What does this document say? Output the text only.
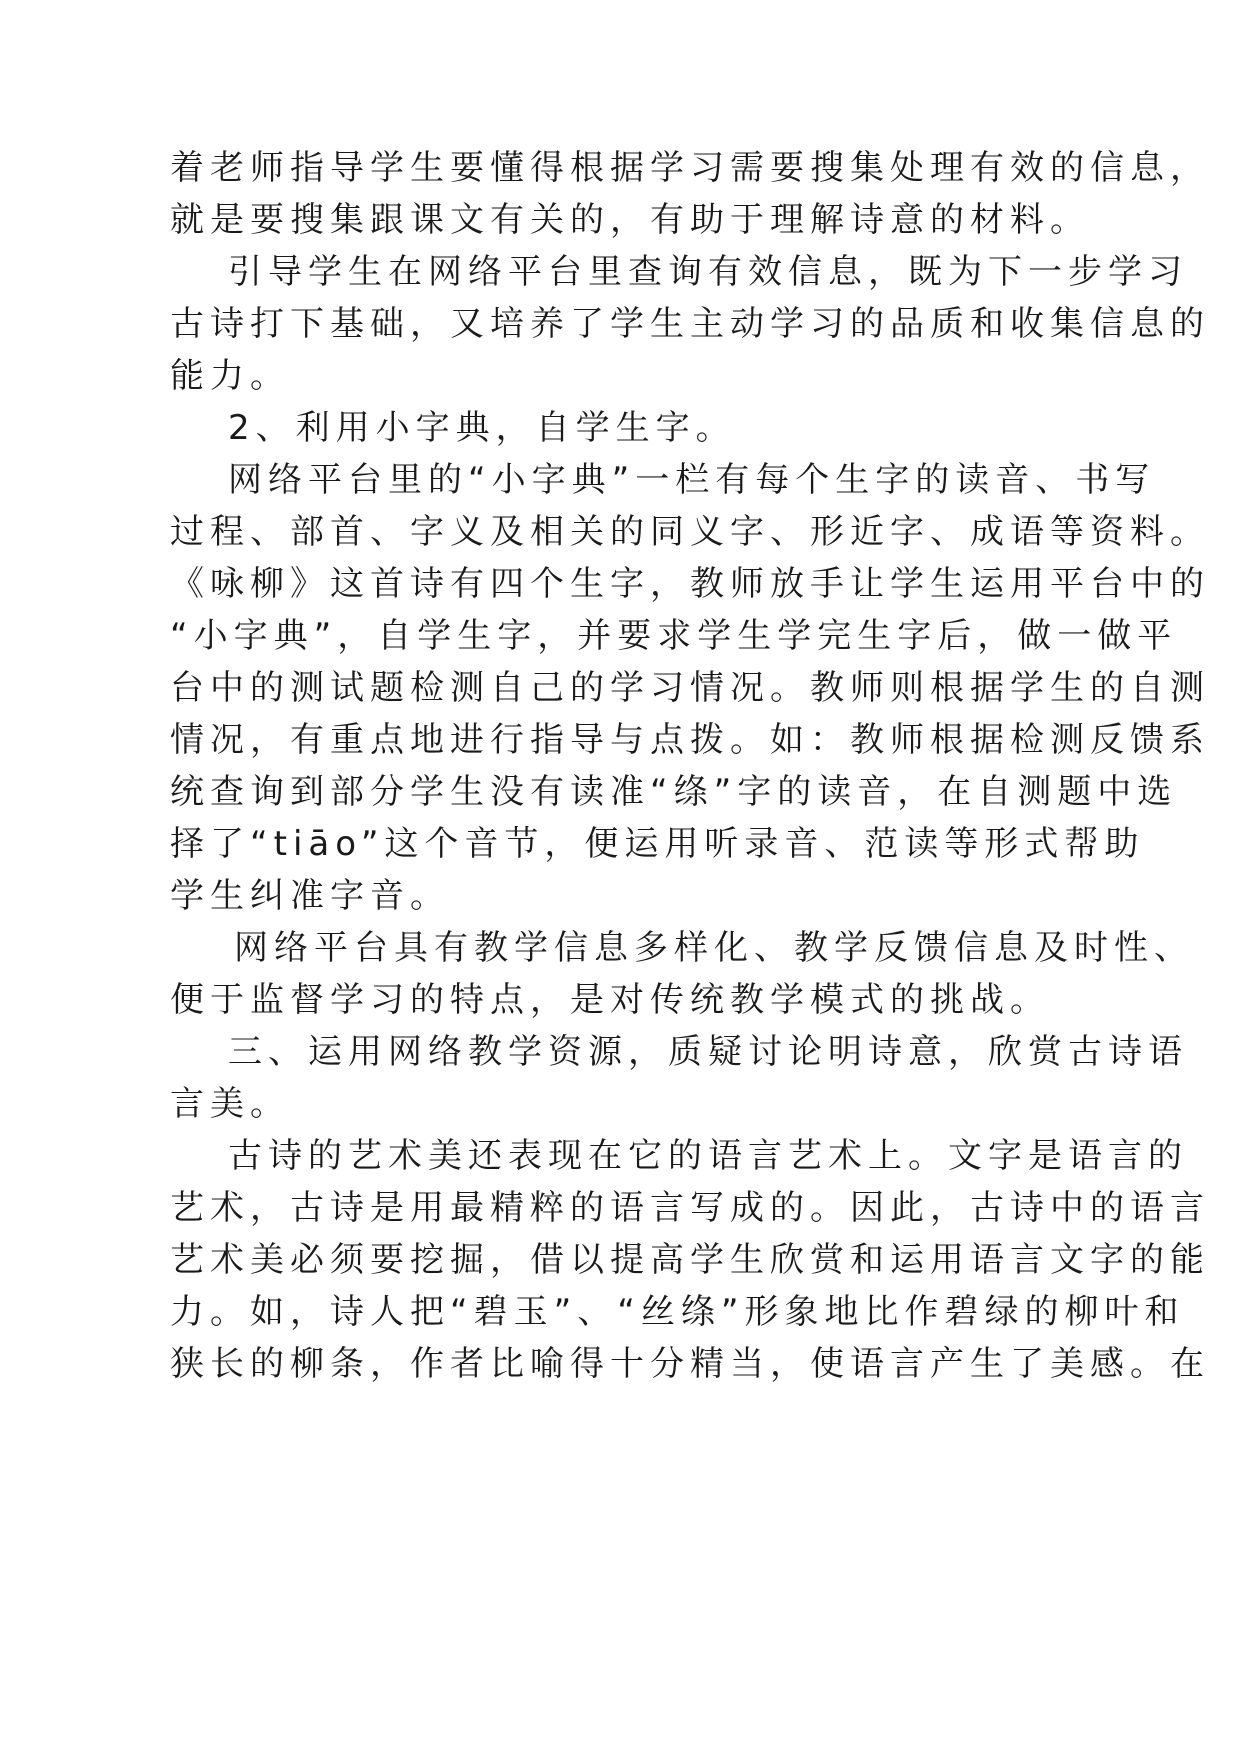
着老师指导学生要懂得根据学习需要搜集处理有效的信息，
就是要搜集跟课文有关的，有助于理解诗意的材料。
引导学生在网络平台里查询有效信息，既为下一步学习
古诗打下基础，又培养了学生主动学习的品质和收集信息的
能力。
2、利用小字典，自学生字。
网络平台里的“小字典”一栏有每个生字的读音、书写
过程、部首、字义及相关的同义字、形近字、成语等资料。
《咏柳》这首诗有四个生字，教师放手让学生运用平台中的
“小字典”，自学生字，并要求学生学完生字后，做一做平
台中的测试题检测自己的学习情况。教师则根据学生的自测
情况，有重点地进行指导与点拨。如：教师根据检测反馈系
统查询到部分学生没有读准“绦”字的读音，在自测题中选
择了“tiāo”这个音节，便运用听录音、范读等形式帮助
学生纠准字音。
网络平台具有教学信息多样化、教学反馈信息及时性、
便于监督学习的特点，是对传统教学模式的挑战。
三、运用网络教学资源，质疑讨论明诗意，欣赏古诗语
言美。
古诗的艺术美还表现在它的语言艺术上。文字是语言的
艺术，古诗是用最精粹的语言写成的。因此，古诗中的语言
艺术美必须要挖掘，借以提高学生欣赏和运用语言文字的能
力。如，诗人把“碧玉”、“丝绦”形象地比作碧绿的柳叶和
狭长的柳条，作者比喻得十分精当，使语言产生了美感。在
